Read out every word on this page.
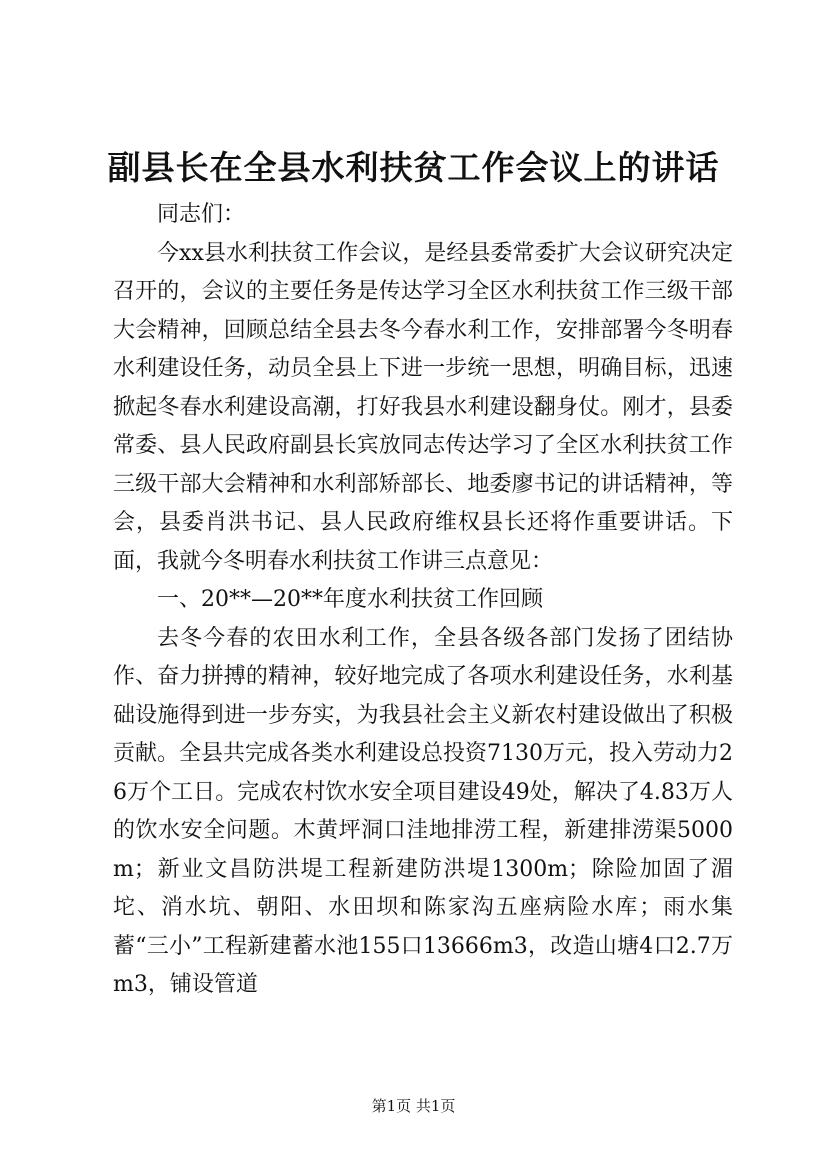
副县长在全县水利扶贫工作会议上的讲话

同志们：

今xx县水利扶贫工作会议，是经县委常委扩大会议研究决定召开的，会议的主要任务是传达学习全区水利扶贫工作三级干部大会精神，回顾总结全县去冬今春水利工作，安排部署今冬明春水利建设任务，动员全县上下进一步统一思想，明确目标，迅速掀起冬春水利建设高潮，打好我县水利建设翻身仗。刚才，县委常委、县人民政府副县长宾放同志传达学习了全区水利扶贫工作三级干部大会精神和水利部矫部长、地委廖书记的讲话精神，等会，县委肖洪书记、县人民政府维权县长还将作重要讲话。下面，我就今冬明春水利扶贫工作讲三点意见：

一、20**—20**年度水利扶贫工作回顾

去冬今春的农田水利工作，全县各级各部门发扬了团结协作、奋力拼搏的精神，较好地完成了各项水利建设任务，水利基础设施得到进一步夯实，为我县社会主义新农村建设做出了积极贡献。全县共完成各类水利建设总投资7130万元，投入劳动力26万个工日。完成农村饮水安全项目建设49处，解决了4.83万人的饮水安全问题。木黄坪洞口洼地排涝工程，新建排涝渠5000m；新业文昌防洪堤工程新建防洪堤1300m；除险加固了湄坨、消水坑、朝阳、水田坝和陈家沟五座病险水库；雨水集蓄“三小”工程新建蓄水池155口13666m3，改造山塘4口2.7万m3，铺设管道

第1页 共1页
